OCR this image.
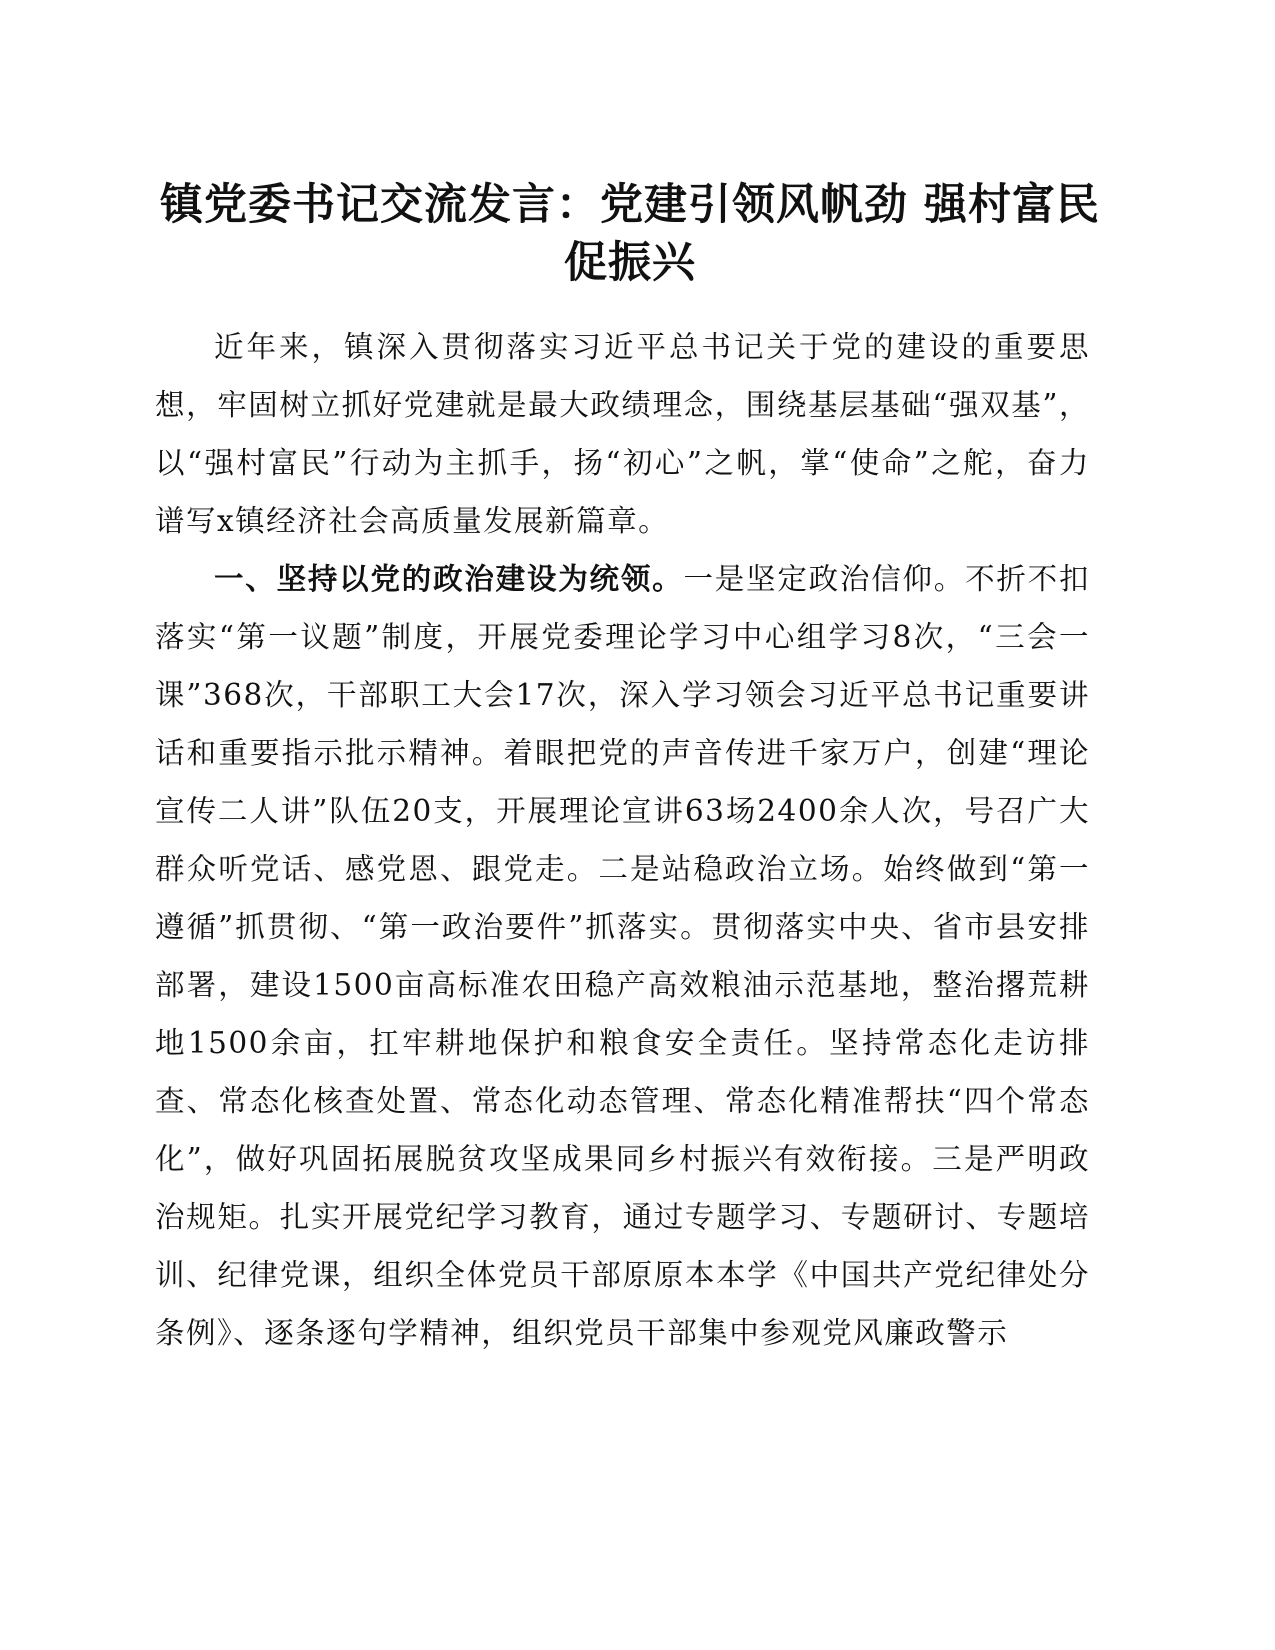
镇党委书记交流发言：党建引领风帆劲 强村富民促振兴

近年来，镇深入贯彻落实习近平总书记关于党的建设的重要思想，牢固树立抓好党建就是最大政绩理念，围绕基层基础“强双基”，以“强村富民”行动为主抓手，扬“初心”之帆，掌“使命”之舵，奋力谱写x镇经济社会高质量发展新篇章。

一、坚持以党的政治建设为统领。一是坚定政治信仰。不折不扣落实“第一议题”制度，开展党委理论学习中心组学习8次，“三会一课”368次，干部职工大会17次，深入学习领会习近平总书记重要讲话和重要指示批示精神。着眼把党的声音传进千家万户，创建“理论宣传二人讲”队伍20支，开展理论宣讲63场2400余人次，号召广大群众听党话、感党恩、跟党走。二是站稳政治立场。始终做到“第一遵循”抓贯彻、“第一政治要件”抓落实。贯彻落实中央、省市县安排部署，建设1500亩高标准农田稳产高效粮油示范基地，整治撂荒耕地1500余亩，扛牢耕地保护和粮食安全责任。坚持常态化走访排查、常态化核查处置、常态化动态管理、常态化精准帮扶“四个常态化”，做好巩固拓展脱贫攻坚成果同乡村振兴有效衔接。三是严明政治规矩。扎实开展党纪学习教育，通过专题学习、专题研讨、专题培训、纪律党课，组织全体党员干部原原本本学《中国共产党纪律处分条例》、逐条逐句学精神，组织党员干部集中参观党风廉政警示
